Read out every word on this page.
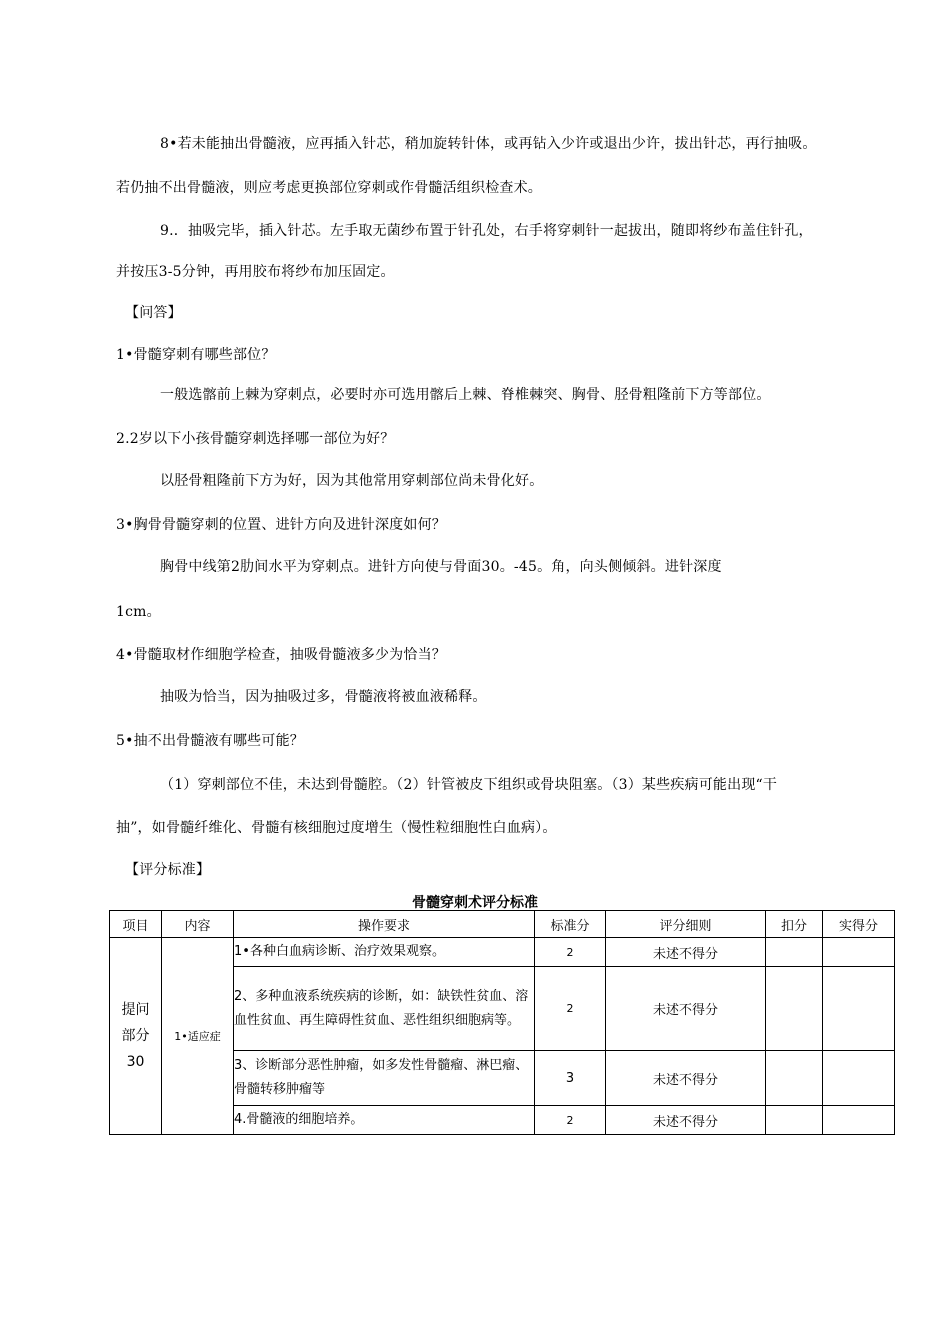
8•若未能抽出骨髓液，应再插入针芯，稍加旋转针体，或再钻入少许或退出少许，拔出针芯，再行抽吸。
若仍抽不出骨髓液，则应考虑更换部位穿刺或作骨髓活组织检查术。
9.．抽吸完毕，插入针芯。左手取无菌纱布置于针孔处，右手将穿刺针一起拔出，随即将纱布盖住针孔，
并按压3-5分钟，再用胶布将纱布加压固定。
【问答】
1•骨髓穿刺有哪些部位？
一般选髂前上棘为穿刺点，必要时亦可选用髂后上棘、脊椎棘突、胸骨、胫骨粗隆前下方等部位。
2.2岁以下小孩骨髓穿刺选择哪一部位为好？
以胫骨粗隆前下方为好，因为其他常用穿刺部位尚未骨化好。
3•胸骨骨髓穿刺的位置、进针方向及进针深度如何？
胸骨中线第2肋间水平为穿刺点。进针方向使与骨面30。-45。角，向头侧倾斜。进针深度
1cm。
4•骨髓取材作细胞学检查，抽吸骨髓液多少为恰当？
抽吸为恰当，因为抽吸过多，骨髓液将被血液稀释。
5•抽不出骨髓液有哪些可能？
（1）穿刺部位不佳，未达到骨髓腔。（2）针管被皮下组织或骨块阻塞。（3）某些疾病可能出现“干
抽”，如骨髓纤维化、骨髓有核细胞过度增生（慢性粒细胞性白血病）。
【评分标准】
骨髓穿刺术评分标准
项目	内容	操作要求	标准分	评分细则	扣分	实得分

提问
部分
30	1•适应症	1•各种白血病诊断、治疗效果观察。	2	未述不得分		
		2、多种血液系统疾病的诊断，如：缺铁性贫血、溶血性贫血、再生障碍性贫血、恶性组织细胞病等。	2	未述不得分		
		3、诊断部分恶性肿瘤，如多发性骨髓瘤、淋巴瘤、骨髓转移肿瘤等	3	未述不得分		
		4.骨髓液的细胞培养。	2	未述不得分		
